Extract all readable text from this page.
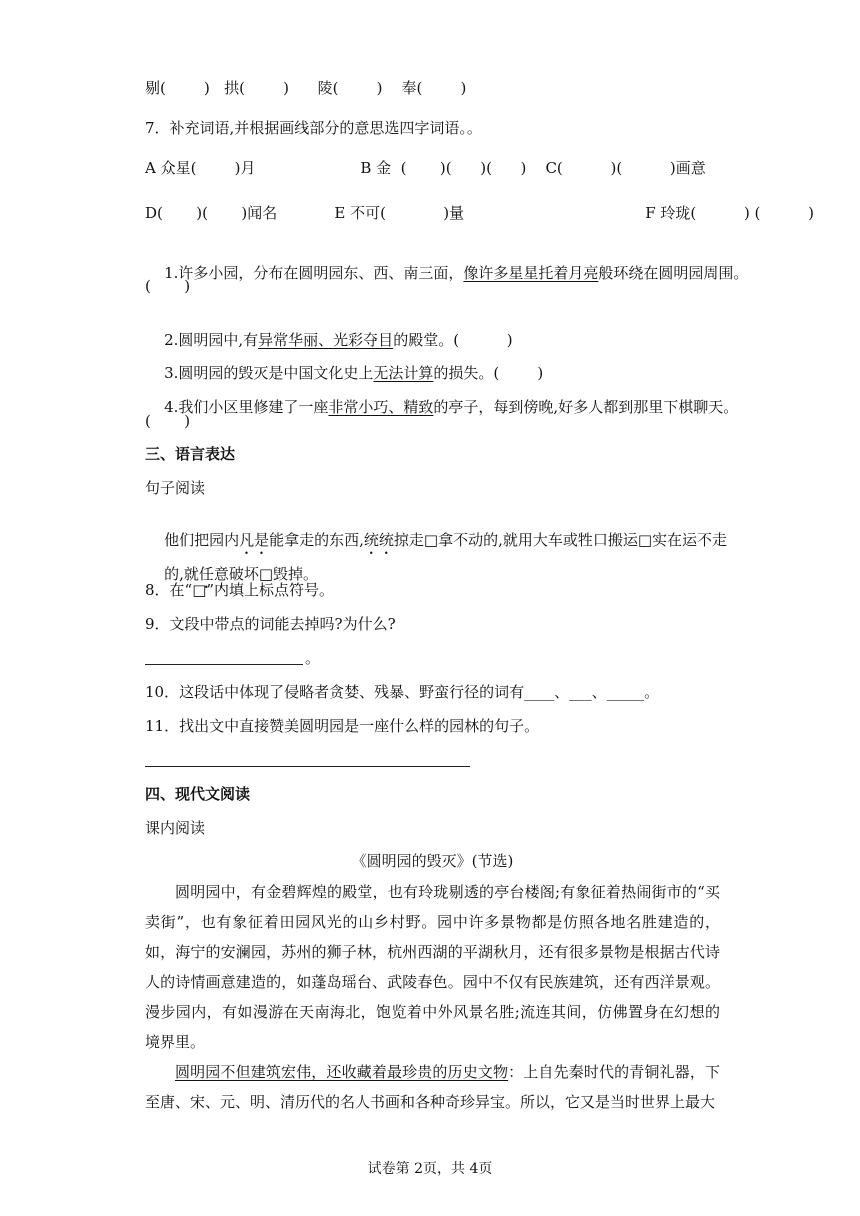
剔(        )   拱(        )      陵(        )    奉(        )
7．补充词语,并根据画线部分的意思选四字词语。。
A 众星(        )月                      B 金  (       )(      )(      )    C(          )(          )画意
D(       )(       )闻名            E 不可(            )量                                      F 玲珑(          ) (          )

1.许多小园，分布在圆明园东、西、南三面，像许多星星托着月亮般环绕在圆明园周围。

(       )

2.圆明园中,有异常华丽、光彩夺目的殿堂。(          )

3.圆明园的毁灭是中国文化史上无法计算的损失。(        )

4.我们小区里修建了一座非常小巧、精致的亭子，每到傍晚,好多人都到那里下棋聊天。

(       )
三、语言表达
句子阅读

他们把园内凡是能拿走的东西,统统掠走□拿不动的,就用大车或牲口搬运□实在运不走

的,就任意破坏□毁掉。

8．在“□”内填上标点符号。
9．文段中带点的词能去掉吗?为什么?
。
10．这段话中体现了侵略者贪婪、残暴、野蛮行径的词有____、___、_____。
11．找出文中直接赞美圆明园是一座什么样的园林的句子。
四、现代文阅读
课内阅读
《圆明园的毁灭》(节选)

圆明园中，有金碧辉煌的殿堂，也有玲珑剔透的亭台楼阁;有象征着热闹街市的“买卖街”，也有象征着田园风光的山乡村野。园中许多景物都是仿照各地名胜建造的，如，海宁的安澜园，苏州的狮子林，杭州西湖的平湖秋月，还有很多景物是根据古代诗人的诗情画意建造的，如蓬岛瑶台、武陵春色。园中不仅有民族建筑，还有西洋景观。漫步园内，有如漫游在天南海北，饱览着中外风景名胜;流连其间，仿佛置身在幻想的境界里。

圆明园不但建筑宏伟，还收藏着最珍贵的历史文物：上自先秦时代的青铜礼器，下至唐、宋、元、明、清历代的名人书画和各种奇珍异宝。所以，它又是当时世界上最大

试卷第 2页，共 4页
